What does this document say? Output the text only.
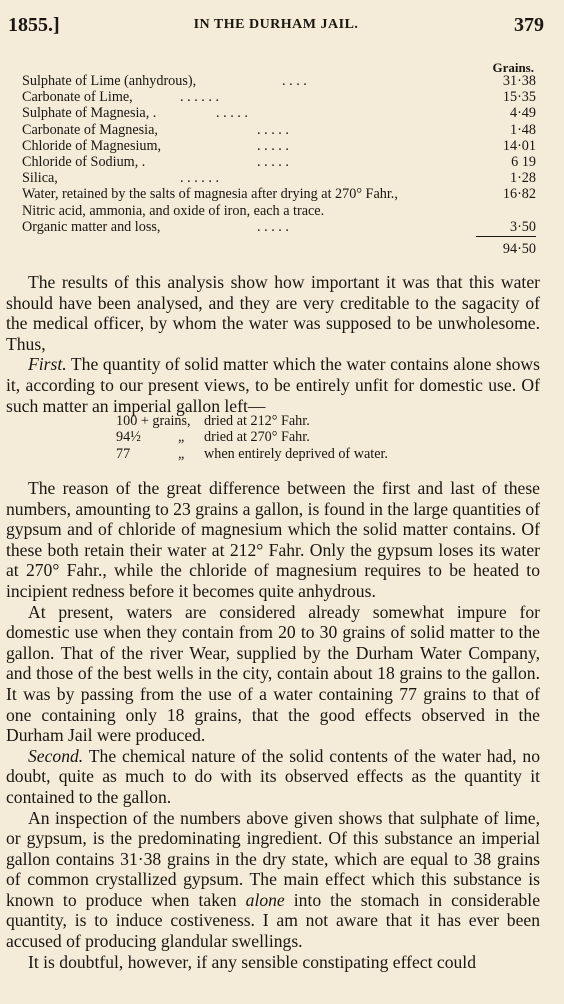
1855.]	IN THE DURHAM JAIL.	379
Grains.
Sulphate of Lime (anhydrous),	. . . .	31·38
Carbonate of Lime,	. . . . . .	15·35
Sulphate of Magnesia, .	. . . . .	4·49
Carbonate of Magnesia,	. . . . .	1·48
Chloride of Magnesium,	. . . . .	14·01
Chloride of Sodium, .	. . . . .	6 19
Silica,	. . . . . .	1·28
Water, retained by the salts of magnesia after drying at 270° Fahr.,	16·82
Nitric acid, ammonia, and oxide of iron, each a trace.
Organic matter and loss,	. . . . .	3·50
94·50

The results of this analysis show how important it was that this water should have been analysed, and they are very creditable to the sagacity of the medical officer, by whom the water was supposed to be unwholesome. Thus,

First. The quantity of solid matter which the water contains alone shows it, according to our present views, to be entirely unfit for domestic use. Of such matter an imperial gallon left—

100 + grains, dried at 212° Fahr.
94½	„ dried at 270° Fahr.
77	„ when entirely deprived of water.

The reason of the great difference between the first and last of these numbers, amounting to 23 grains a gallon, is found in the large quantities of gypsum and of chloride of magnesium which the solid matter contains. Of these both retain their water at 212° Fahr. Only the gypsum loses its water at 270° Fahr., while the chloride of magnesium requires to be heated to incipient redness before it becomes quite anhydrous.

At present, waters are considered already somewhat impure for domestic use when they contain from 20 to 30 grains of solid matter to the gallon. That of the river Wear, supplied by the Durham Water Company, and those of the best wells in the city, contain about 18 grains to the gallon. It was by passing from the use of a water containing 77 grains to that of one containing only 18 grains, that the good effects observed in the Durham Jail were produced.

Second. The chemical nature of the solid contents of the water had, no doubt, quite as much to do with its observed effects as the quantity it contained to the gallon.

An inspection of the numbers above given shows that sulphate of lime, or gypsum, is the predominating ingredient. Of this substance an imperial gallon contains 31·38 grains in the dry state, which are equal to 38 grains of common crystallized gypsum. The main effect which this substance is known to produce when taken alone into the stomach in considerable quantity, is to induce costiveness. I am not aware that it has ever been accused of producing glandular swellings.

It is doubtful, however, if any sensible constipating effect could
